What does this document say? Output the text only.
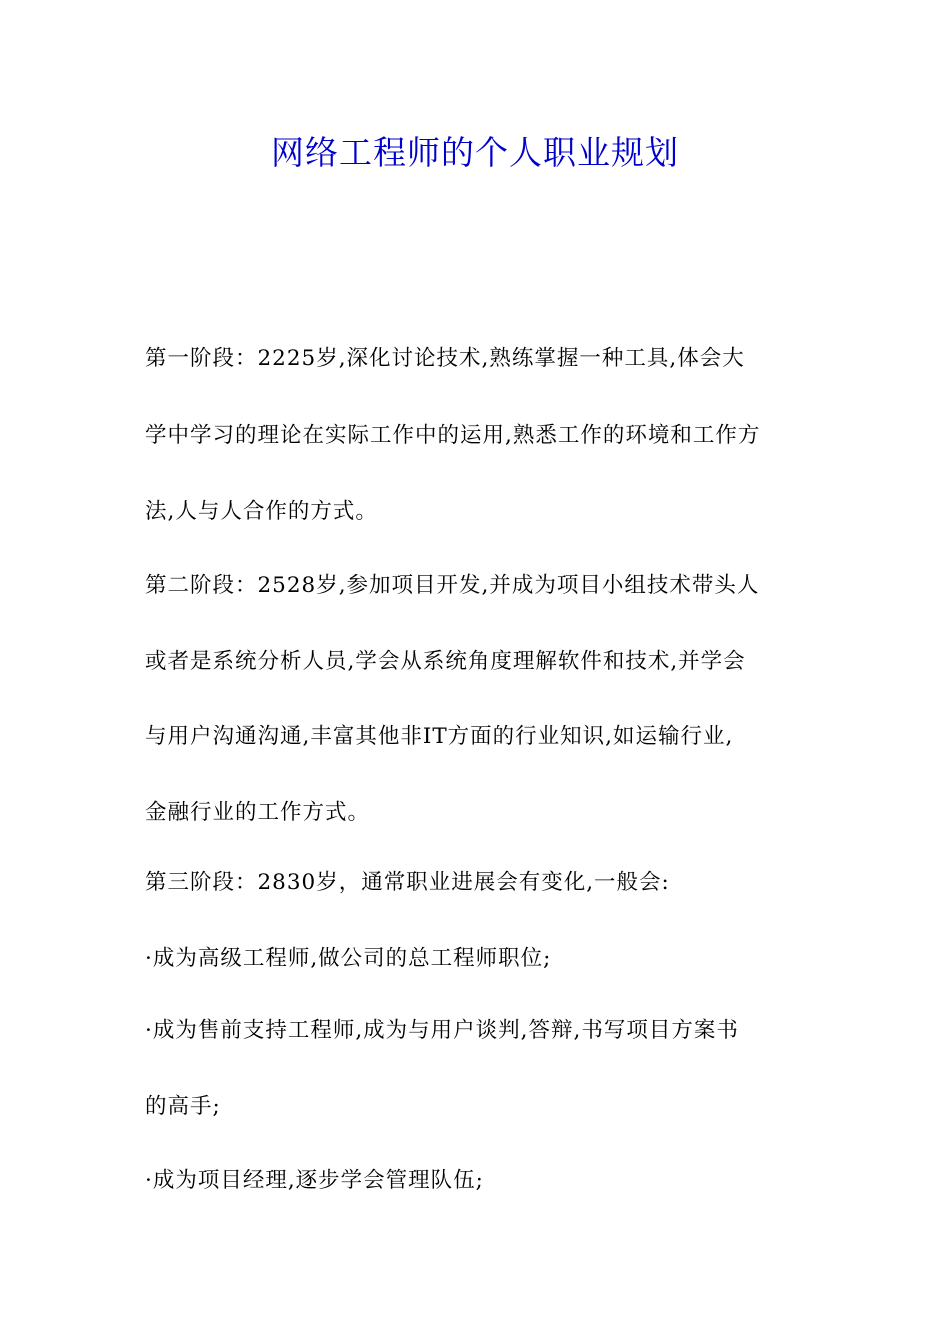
网络工程师的个人职业规划
第一阶段：2225岁,深化讨论技术,熟练掌握一种工具,体会大
学中学习的理论在实际工作中的运用,熟悉工作的环境和工作方
法,人与人合作的方式。
第二阶段：2528岁,参加项目开发,并成为项目小组技术带头人
或者是系统分析人员,学会从系统角度理解软件和技术,并学会
与用户沟通沟通,丰富其他非IT方面的行业知识,如运输行业,
金融行业的工作方式。
第三阶段：2830岁，通常职业进展会有变化,一般会:
·成为高级工程师,做公司的总工程师职位;
·成为售前支持工程师,成为与用户谈判,答辩,书写项目方案书
的高手;
·成为项目经理,逐步学会管理队伍;
